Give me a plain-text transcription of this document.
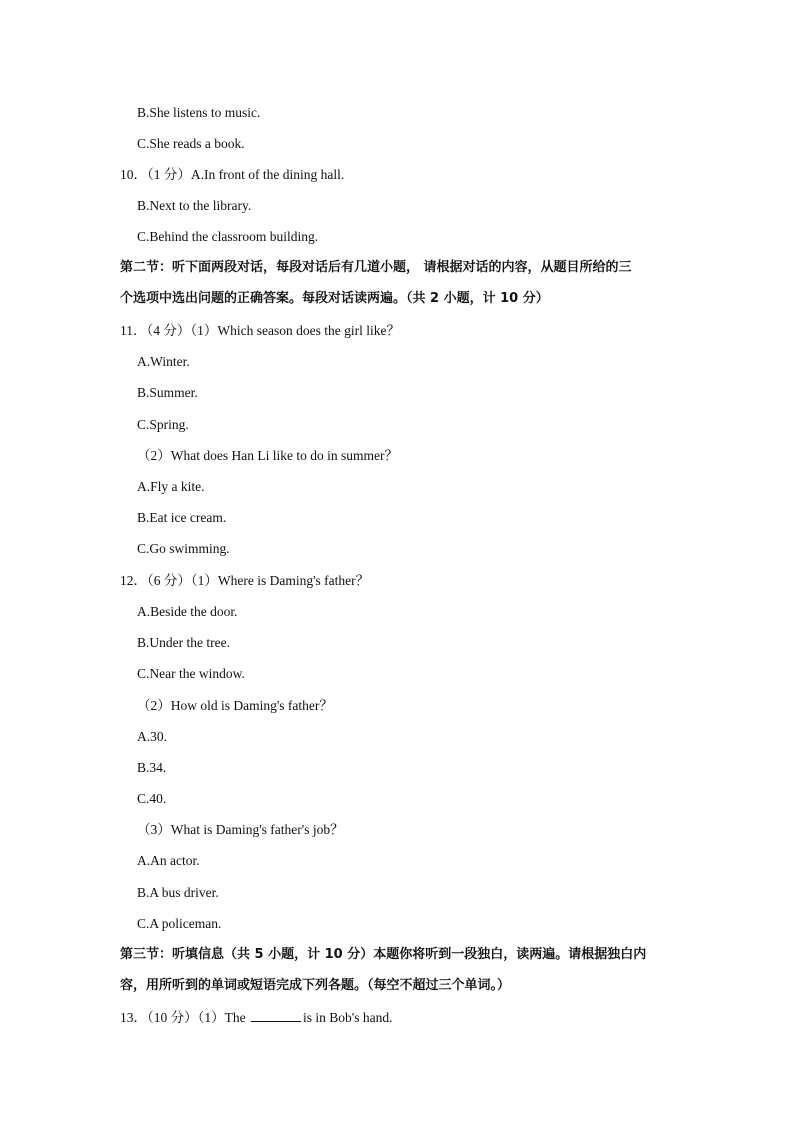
B.She listens to music.
C.She reads a book.
10．（1 分）A.In front of the dining hall.
B.Next to the library.
C.Behind the classroom building.
第二节：听下面两段对话，每段对话后有几道小题， 请根据对话的内容，从题目所给的三
个选项中选出问题的正确答案。每段对话读两遍。（共 2 小题，计 10 分）
11．（4 分）（1）Which season does the girl like？
A.Winter.
B.Summer.
C.Spring.
（2）What does Han Li like to do in summer？
A.Fly a kite.
B.Eat ice cream.
C.Go swimming.
12．（6 分）（1）Where is Daming's father？
A.Beside the door.
B.Under the tree.
C.Near the window.
（2）How old is Daming's father？
A.30.
B.34.
C.40.
（3）What is Daming's father's job？
A.An actor.
B.A bus driver.
C.A policeman.
第三节：听填信息（共 5 小题，计 10 分）本题你将听到一段独白，读两遍。请根据独白内
容，用所听到的单词或短语完成下列各题。（每空不超过三个单词。）
13．（10 分）（1）The	is in Bob's hand.
